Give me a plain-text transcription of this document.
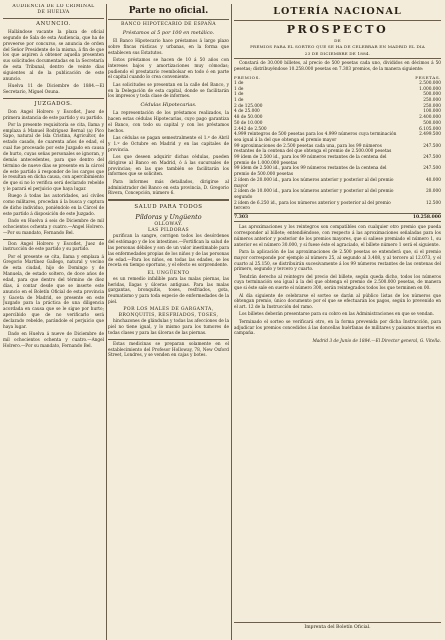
AUDIENCIA DE LO CRIMINAL

DE HUELVA

ANUNCIO.

Hallándose vacante la plaza de oficial segundo de Sala de esta Audiencia, que ha de proveerse por concurso, se anuncia de orden del Señor Presidente de la misma, á fin de que los que aspiren á obtener aquella presenten sus solicitudes documentadas en la Secretaría de esta Tribunal, dentro de veinte días siguientes al de la publicación de este anuncio.

Huelva 11 de Diciembre de 1884.—El Secretario, Miguel Osuna.

JUZGADOS.

Don Angel Holrero y Escofiet, Juez de primera instancia de este partido y su partido.

Por la presente requisitoria se cita, llama y emplaza á Manuel Rodríguez Bernal (a) Pico Sapo, natural de Isla Cristina, Agricultor, de estado casado, de cuarenta años de edad, el cual fue procesado por este Juzgado en causa de hurto, cuyas señas personales se ignoran, y demás antecedentes, para que dentro del término de nueve días se presente en la cárcel de este partido á responder de los cargos que le resultan en dicha causa, con apercibimiento de que si no lo verifica será declarado rebelde y le parará el perjuicio que haya lugar.

Ruego á todas las autoridades, así civiles como militares, procedan á la busca y captura de dicho individuo, poniéndolo en la Cárcel de este partido á disposición de este Juzgado.

Dado en Huelva á seis de Diciembre de mil ochocientos ochenta y cuatro.—Angel Holrero.—Por su mandato, Fernando Bel.

Don Angel Holrero y Escofiet, Juez de instrucción de este partido y su partido.

Por el presente se cita, llama y emplaza á Gregorio Martínez Gallego, natural y vecino de esta ciudad, hijo de Domingo y de Manuela, de estado soltero, de doce años de edad, para que dentro del término de diez días, á contar desde que se inserte este anuncio en el Boletín Oficial de esta provincia y Gaceta de Madrid, se presente en este Juzgado para la práctica de una diligencia acordada en causa que se le sigue por hurto; apercibido que de no verificarlo será declarado rebelde, parándole el perjuicio que haya lugar.

Dado en Huelva á nueve de Diciembre de mil ochocientos ochenta y cuatro.—Angel Holrero.—Por su mandato, Fernando Bel.

Parte no oficial.

BANCO HIPOTECARIO DE ESPAÑA

Préstamos al 5 por 100 en metálico.

El Banco Hipotecario hace préstamos á largo plazo sobre fincas rústicas y urbanas, en la forma que establecen sus Estatutos.

Estos préstamos se hacen de 10 á 50 años con intereses bajos y amortizaciones muy cómodas; pudiendo el prestatario reembolsar en todo ó en parte el capital cuando lo crea conveniente.

Las solicitudes se presentan en la calle del Banco, y en la Delegación de esta capital, donde se facilitarán los impresos y toda clase de informes.

Cédulas Hipotecarias.

La representación de los préstamos realizados, la hacen estas cédulas Hipotecarias, cuyo pago garantiza el Banco, con todo su capital y con los préstamos hechos.

Las cédulas se pagan semestralmente el 1.º de Abril y 1.º de Octubre en Madrid y en las capitales de provincia.

Los que deseen adquirir dichas cédulas, pueden dirigirse al Banco en Madrid, ó á las sucursales de provincias; en las que también se facilitarán los informes que se soliciten.

Para informes más detallados, dirigirse al administrador del Banco en esta provincia, D. Gregorio Rivera, Concepción, número 6.

SALUD PARA TODOS

Píldoras y Ungüento

OLLOWAY.

LAS PILDORAS

purifican la sangre, corrigen todos los desórdenes del estómago y de los intestinos.—Fortifican la salud de las personas débiles y son de un valor inestimable para las enfermedades propias de los niños y de las personas de edad.—Para los niños, en todas las edades, se les receta en tiempo oportuno, y el efecto es sorprendente.

EL UNGÜENTO

es un remedio infalible para las malas piernas, las heridas, llagas y úlceras antiguas. Para las malas gargantas, bronquitis, toses, resfriados, gota, reumatismo y para toda especie de enfermedades de la piel.

POR LOS MALES DE GARGANTA, BRONQUITIS, RESFRIADOS, TOSES,

hinchazones de glándulas y todas las afecciones de la piel no tiene igual, y lo mismo para los tumores de todas clases y para las úlceras de las piernas.

Estas medicinas se preparan solamente en el establecimiento del Profesor Holloway, 78, New Oxford Street, Londres, y se venden en cajas y botes.

LOTERÍA NACIONAL

PROSPECTO

DE

PREMIOS PARA EL SORTEO QUE SE HA DE CELEBRAR EN MADRID EL DIA

23 DE DICIEMBRE DE 1884.

Constará de 30.000 billetes, al precio de 500 pesetas cada uno, divididos en décimos á 50 pesetas; distribuyéndose 10.258.000 pesetas en 7.303 premios, de la manera siguiente:

PREMIOS.	PESETAS.
1 de	2.500.000
1 de	1.000.000
1 de	500.000
1 de	250.000
2 de 125.000	250.000
4 de 25.000	100.000
48 de 50.000	2.400.000
50 de 10.000	500.000
2.442 de 2.500	6.105.000
4.999 reintegros de 500 pesetas para los 4.999 números cuya terminación sea igual á la del que obtenga el premio mayor	2.499.500
99 aproximaciones de 2.500 pesetas cada una, para los 99 números restantes de la centena del que obtenga el premio de 2.500.000 pesetas	247.500
99 ídem de 2.500 id., para los 99 números restantes de la centena del premio de 1.000.000 pesetas	247.500
99 ídem de 2.500 id., para los 99 números restantes de la centena del premio de 500.000 pesetas	247.500
2 ídem de 20.000 id., para los números anterior y posterior al del premio mayor	40.000
2 ídem de 10.000 id., para los números anterior y posterior al del premio segundo	20.000
2 ídem de 6.250 id., para los números anterior y posterior al del premio tercero	12.500
7.303	10.258.000

Las aproximaciones y los reintegros son compatibles con cualquier otro premio que pueda corresponder al billete; entendiéndose, con respecto á las aproximaciones señaladas para los números anterior y posterior de los premios mayores, que si saliese premiado el número 1, su anterior es el número 30.000, y si fuese éste el agraciado, el billete número 1 será el siguiente.

Para la aplicación de las aproximaciones de 2.500 pesetas se entenderá que, si el premio mayor corresponde por ejemplo al número 25, al segundo al 3.408, y al tercero al 12.073, y el cuarto al 25.150, se distribuirán sucesivamente á los 99 números restantes de las centenas del primero, segundo y tercero y cuarto.

Tendrán derecho al reintegro del precio del billete, según queda dicho, todos los números cuya terminación sea igual á la del que obtenga el premio de 2.500.000 pesetas, de manera que si éste sale en suerte el número 300, serán reintegrados todos los que terminen en 00.

Al día siguiente de celebrarse el sorteo se darán al público listas de los números que obtengan premio, único documento por el que se efectuarán los pagos, según lo prevenido en el art. 12 de la Instrucción del ramo.

Los billetes deberán presentarse para su cobro en las Administraciones en que se vendan.

Terminado el sorteo se verificará otro, en la forma prevenida por dicha Instrucción, para adjudicar los premios concedidos á las doncellas huérfanas de militares y paisanos muertos en campaña.

Madrid 3 de Junio de 1884.—El Director general, G. Vitella.

Imprenta del Boletín Oficial.
